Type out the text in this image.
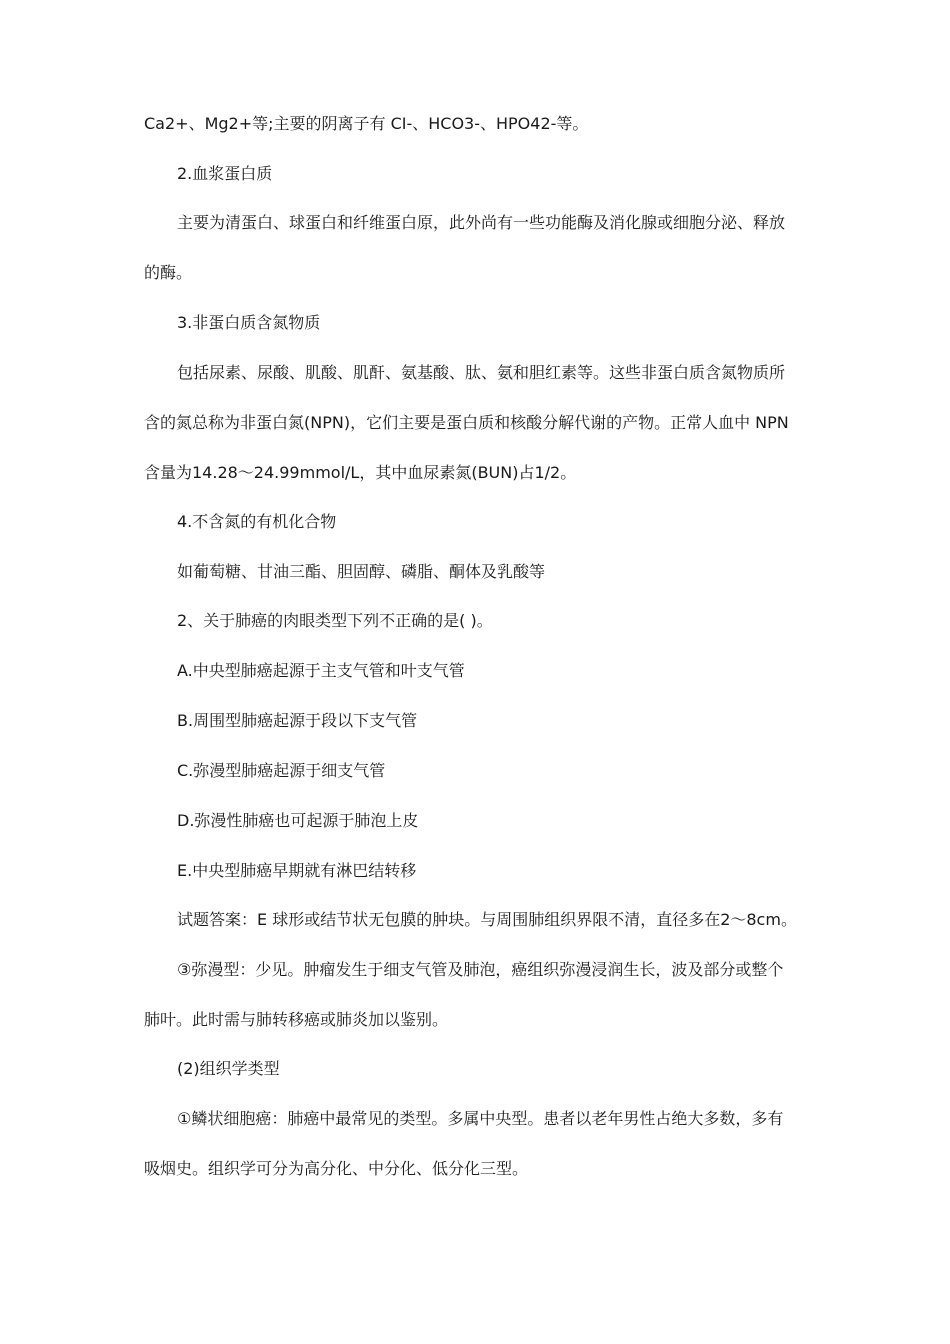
Ca2+、Mg2+等;主要的阴离子有 CI-、HCO3-、HPO42-等。
2.血浆蛋白质
主要为清蛋白、球蛋白和纤维蛋白原，此外尚有一些功能酶及消化腺或细胞分泌、释放
的酶。
3.非蛋白质含氮物质
包括尿素、尿酸、肌酸、肌酐、氨基酸、肽、氨和胆红素等。这些非蛋白质含氮物质所
含的氮总称为非蛋白氮(NPN)，它们主要是蛋白质和核酸分解代谢的产物。正常人血中 NPN
含量为14.28～24.99mmol/L，其中血尿素氮(BUN)占1/2。
4.不含氮的有机化合物
如葡萄糖、甘油三酯、胆固醇、磷脂、酮体及乳酸等
2、关于肺癌的肉眼类型下列不正确的是( )。
A.中央型肺癌起源于主支气管和叶支气管
B.周围型肺癌起源于段以下支气管
C.弥漫型肺癌起源于细支气管
D.弥漫性肺癌也可起源于肺泡上皮
E.中央型肺癌早期就有淋巴结转移
试题答案：E 球形或结节状无包膜的肿块。与周围肺组织界限不清，直径多在2～8cm。
③弥漫型：少见。肿瘤发生于细支气管及肺泡，癌组织弥漫浸润生长，波及部分或整个
肺叶。此时需与肺转移癌或肺炎加以鉴别。
(2)组织学类型
①鳞状细胞癌：肺癌中最常见的类型。多属中央型。患者以老年男性占绝大多数，多有
吸烟史。组织学可分为高分化、中分化、低分化三型。
